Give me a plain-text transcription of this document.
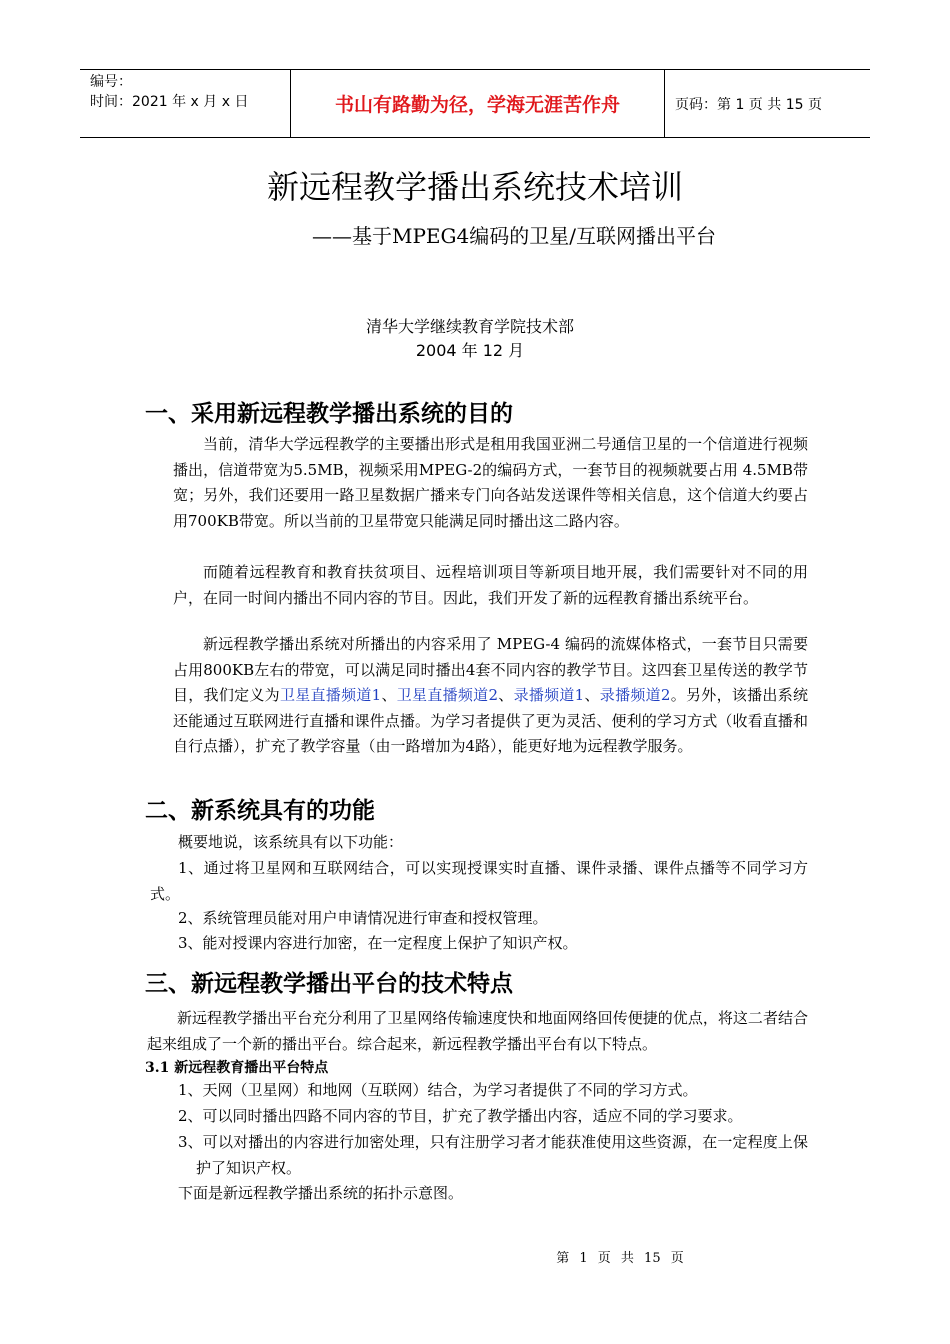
编号：
时间：2021 年 x 月 x 日	书山有路勤为径，学海无涯苦作舟	页码：第 1 页 共 15 页
新远程教学播出系统技术培训
——基于MPEG4编码的卫星/互联网播出平台
清华大学继续教育学院技术部
2004 年 12 月
一、采用新远程教学播出系统的目的

当前，清华大学远程教学的主要播出形式是租用我国亚洲二号通信卫星的一个信道进行视频播出，信道带宽为5.5MB，视频采用MPEG-2的编码方式，一套节目的视频就要占用 4.5MB带宽；另外，我们还要用一路卫星数据广播来专门向各站发送课件等相关信息，这个信道大约要占用700KB带宽。所以当前的卫星带宽只能满足同时播出这二路内容。

而随着远程教育和教育扶贫项目、远程培训项目等新项目地开展，我们需要针对不同的用户，在同一时间内播出不同内容的节目。因此，我们开发了新的远程教育播出系统平台。

新远程教学播出系统对所播出的内容采用了 MPEG-4 编码的流媒体格式，一套节目只需要占用800KB左右的带宽，可以满足同时播出4套不同内容的教学节目。这四套卫星传送的教学节目，我们定义为卫星直播频道1、卫星直播频道2、录播频道1、录播频道2。另外，该播出系统还能通过互联网进行直播和课件点播。为学习者提供了更为灵活、便利的学习方式（收看直播和自行点播），扩充了教学容量（由一路增加为4路），能更好地为远程教学服务。

二、新系统具有的功能
概要地说，该系统具有以下功能：
1、通过将卫星网和互联网结合，可以实现授课实时直播、课件录播、课件点播等不同学习方式。
2、系统管理员能对用户申请情况进行审查和授权管理。
3、能对授课内容进行加密，在一定程度上保护了知识产权。
三、新远程教学播出平台的技术特点
新远程教学播出平台充分利用了卫星网络传输速度快和地面网络回传便捷的优点，将这二者结合起来组成了一个新的播出平台。综合起来，新远程教学播出平台有以下特点。
3.1 新远程教育播出平台特点
1、天网（卫星网）和地网（互联网）结合，为学习者提供了不同的学习方式。
2、可以同时播出四路不同内容的节目，扩充了教学播出内容，适应不同的学习要求。
3、可以对播出的内容进行加密处理，只有注册学习者才能获准使用这些资源，在一定程度上保护了知识产权。
下面是新远程教学播出系统的拓扑示意图。
第 1 页 共 15 页
